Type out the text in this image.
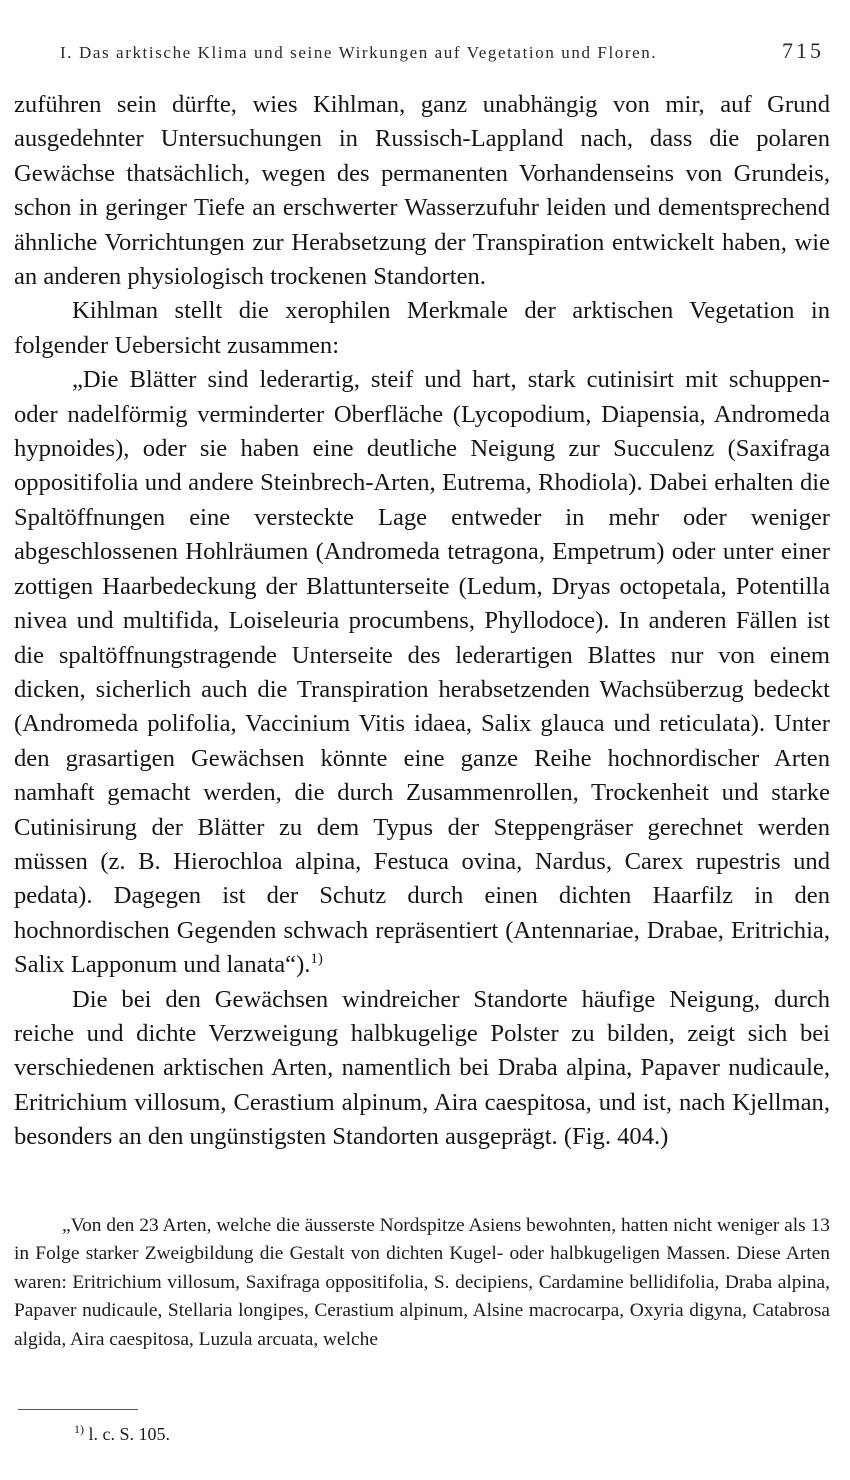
I. Das arktische Klima und seine Wirkungen auf Vegetation und Floren.	715

zuführen sein dürfte, wies Kihlman, ganz unabhängig von mir, auf Grund ausgedehnter Untersuchungen in Russisch-Lappland nach, dass die polaren Gewächse thatsächlich, wegen des permanenten Vorhandenseins von Grundeis, schon in geringer Tiefe an erschwerter Wasserzufuhr leiden und dementsprechend ähnliche Vorrichtungen zur Herabsetzung der Transpiration entwickelt haben, wie an anderen physiologisch trockenen Standorten.

Kihlman stellt die xerophilen Merkmale der arktischen Vegetation in folgender Uebersicht zusammen:

„Die Blätter sind lederartig, steif und hart, stark cutinisirt mit schuppen- oder nadelförmig verminderter Oberfläche (Lycopodium, Diapensia, Andromeda hypnoides), oder sie haben eine deutliche Neigung zur Succulenz (Saxifraga oppositifolia und andere Steinbrech-Arten, Eutrema, Rhodiola). Dabei erhalten die Spaltöffnungen eine versteckte Lage entweder in mehr oder weniger abgeschlossenen Hohlräumen (Andromeda tetragona, Empetrum) oder unter einer zottigen Haarbedeckung der Blattunterseite (Ledum, Dryas octopetala, Potentilla nivea und multifida, Loiseleuria procumbens, Phyllodoce). In anderen Fällen ist die spaltöffnungstragende Unterseite des lederartigen Blattes nur von einem dicken, sicherlich auch die Transpiration herabsetzenden Wachsüberzug bedeckt (Andromeda polifolia, Vaccinium Vitis idaea, Salix glauca und reticulata). Unter den grasartigen Gewächsen könnte eine ganze Reihe hochnordischer Arten namhaft gemacht werden, die durch Zusammenrollen, Trockenheit und starke Cutinisirung der Blätter zu dem Typus der Steppengräser gerechnet werden müssen (z. B. Hierochloa alpina, Festuca ovina, Nardus, Carex rupestris und pedata). Dagegen ist der Schutz durch einen dichten Haarfilz in den hochnordischen Gegenden schwach repräsentiert (Antennariae, Drabae, Eritrichia, Salix Lapponum und lanata“).$^{1)}$

Die bei den Gewächsen windreicher Standorte häufige Neigung, durch reiche und dichte Verzweigung halbkugelige Polster zu bilden, zeigt sich bei verschiedenen arktischen Arten, namentlich bei Draba alpina, Papaver nudicaule, Eritrichium villosum, Cerastium alpinum, Aira caespitosa, und ist, nach Kjellman, besonders an den ungünstigsten Standorten ausgeprägt. (Fig. 404.)

„Von den 23 Arten, welche die äusserste Nordspitze Asiens bewohnten, hatten nicht weniger als 13 in Folge starker Zweigbildung die Gestalt von dichten Kugel- oder halbkugeligen Massen. Diese Arten waren: Eritrichium villosum, Saxifraga oppositifolia, S. decipiens, Cardamine bellidifolia, Draba alpina, Papaver nudicaule, Stellaria longipes, Cerastium alpinum, Alsine macrocarpa, Oxyria digyna, Catabrosa algida, Aira caespitosa, Luzula arcuata, welche

$^{1)}$ l. c. S. 105.
